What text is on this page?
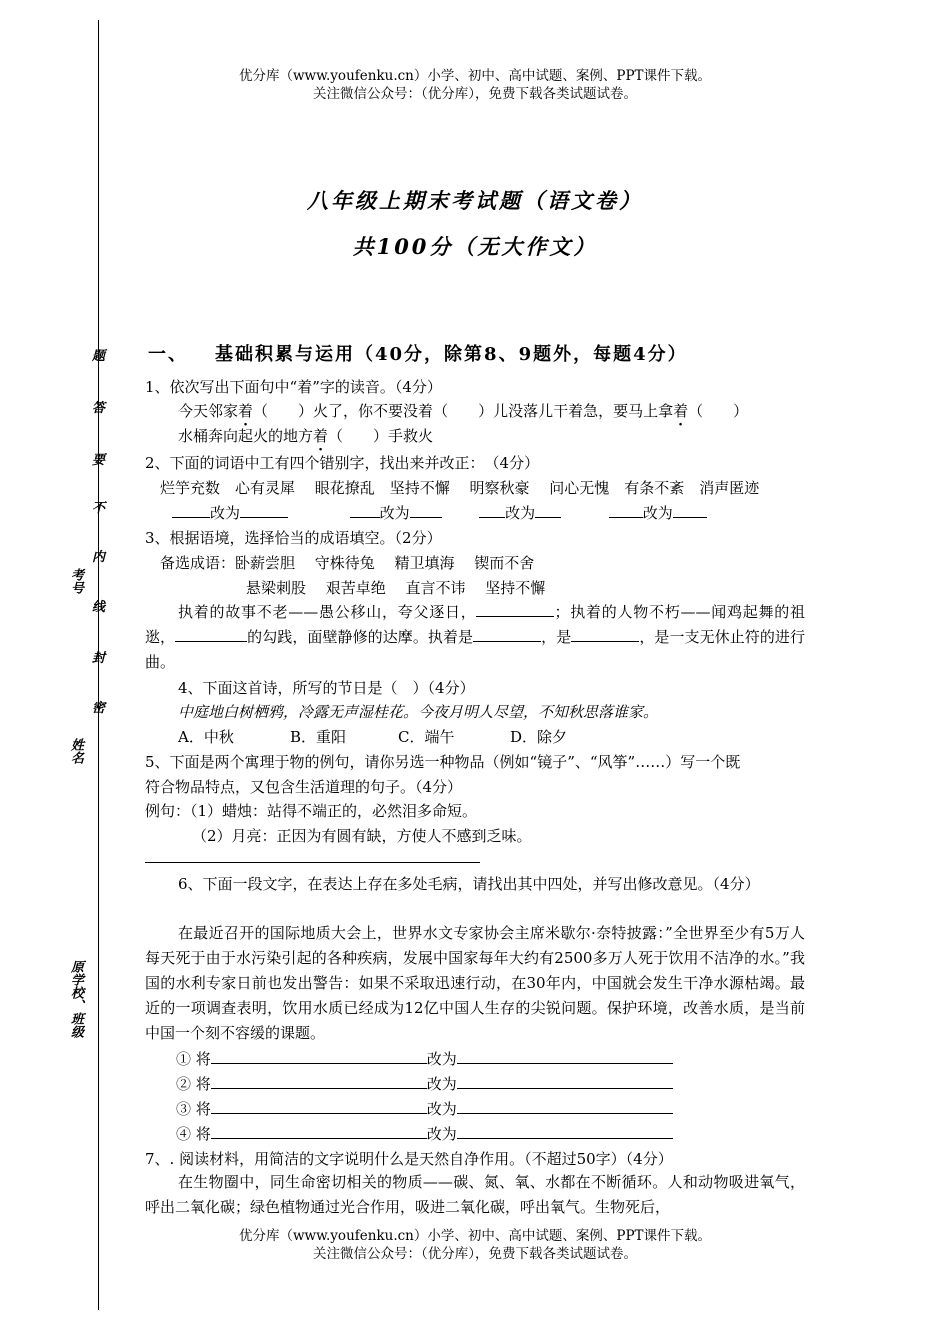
优分库（www.youfenku.cn）小学、初中、高中试题、案例、PPT课件下载。
关注微信公众号：（优分库），免费下载各类试题试卷。
题
答
要
不
内
线
封
密
考号
姓名
原学校、班级
八年级上期末考试题（语文卷）
共100分（无大作文）
一、 基础积累与运用（40分，除第8、9题外，每题4分）
1、依次写出下面句中“着”字的读音。（4分）
今天邻家着（　　）火了，你不要没着（　　）儿没落儿干着急，要马上拿着（　　）
水桶奔向起火的地方着（　　）手救火
2、下面的词语中工有四个错别字，找出来并改正：　（4分）
烂竽充数　心有灵犀　 眼花撩乱　坚持不懈　 明察秋豪　 问心无愧　有条不紊　消声匿迹
改为	改为	改为	改为
3、根据语境，选择恰当的成语填空。（2分）
备选成语：卧薪尝胆　 守株待兔　 精卫填海　 锲而不舍
悬梁刺股　 艰苦卓绝　 直言不讳　 坚持不懈

执着的故事不老——愚公移山，夸父逐日，	；执着的人物不朽——闻鸡起舞的祖逖，	的勾践，面壁静修的达摩。执着是	，是	，是一支无休止符的进行曲。

4、下面这首诗，所写的节日是（　）（4分）
中庭地白树栖鸦，冷露无声湿桂花。今夜月明人尽望，不知秋思落谁家。
A．中秋	B．重阳	C．端午	D．除夕
5、下面是两个寓理于物的例句，请你另选一种物品（例如“镜子”、“风筝”……）写一个既
符合物品特点，又包含生活道理的句子。（4分）
例句：（1）蜡烛：站得不端正的，必然泪多命短。
（2）月亮：正因为有圆有缺，方使人不感到乏味。

6、下面一段文字，在表达上存在多处毛病，请找出其中四处，并写出修改意见。（4分）

在最近召开的国际地质大会上，世界水文专家协会主席米歇尔·奈特披露：”全世界至少有5万人每天死于由于水污染引起的各种疾病，发展中国家每年大约有2500多万人死于饮用不洁净的水。”我国的水利专家日前也发出警告：如果不采取迅速行动，在30年内，中国就会发生干净水源枯竭。最近的一项调查表明，饮用水质已经成为12亿中国人生存的尖锐问题。保护环境，改善水质，是当前中国一个刻不容缓的课题。

① 将	改为
② 将	改为
③ 将	改为
④ 将	改为
7、. 阅读材料，用简洁的文字说明什么是天然自净作用。（不超过50字）（4分）

在生物圈中，同生命密切相关的物质——碳、氮、氧、水都在不断循环。人和动物吸进氧气，呼出二氧化碳；绿色植物通过光合作用，吸进二氧化碳，呼出氧气。生物死后，

优分库（www.youfenku.cn）小学、初中、高中试题、案例、PPT课件下载。
关注微信公众号：（优分库），免费下载各类试题试卷。
